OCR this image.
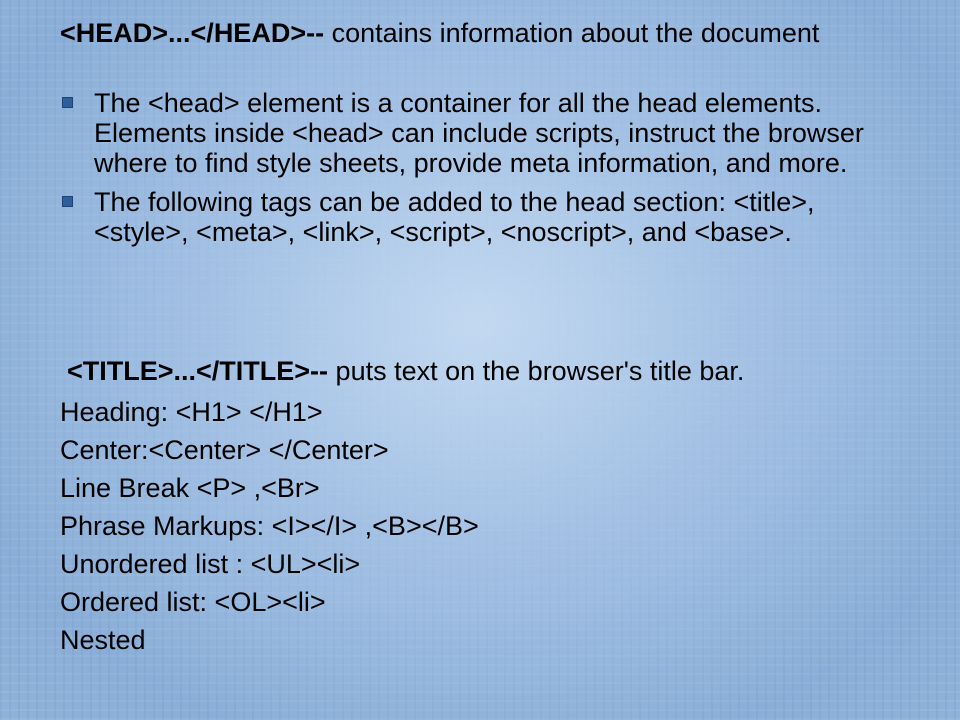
<HEAD>...</HEAD>-- contains information about the document
The <head> element is a container for all the head elements. Elements inside <head> can include scripts, instruct the browser where to find style sheets, provide meta information, and more.
The following tags can be added to the head section: <title>, <style>, <meta>, <link>, <script>, <noscript>, and <base>.
<TITLE>...</TITLE>-- puts text on the browser's title bar.
Heading: <H1> </H1>
Center:<Center> </Center>
Line Break <P> ,<Br>
Phrase Markups: <I></I> ,<B></B>
Unordered list : <UL><li>
Ordered list: <OL><li>
Nested
